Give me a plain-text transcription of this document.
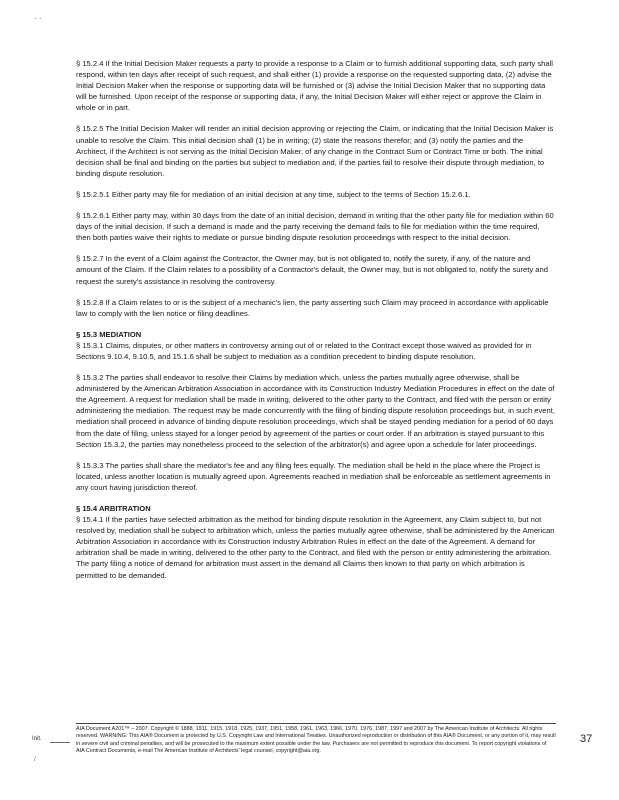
· ·

§ 15.2.4 If the Initial Decision Maker requests a party to provide a response to a Claim or to furnish additional supporting data, such party shall respond, within ten days after receipt of such request, and shall either (1) provide a response on the requested supporting data, (2) advise the Initial Decision Maker when the response or supporting data will be furnished or (3) advise the Initial Decision Maker that no supporting data will be furnished. Upon receipt of the response or supporting data, if any, the Initial Decision Maker will either reject or approve the Claim in whole or in part.

§ 15.2.5 The Initial Decision Maker will render an initial decision approving or rejecting the Claim, or indicating that the Initial Decision Maker is unable to resolve the Claim. This initial decision shall (1) be in writing; (2) state the reasons therefor; and (3) notify the parties and the Architect, if the Architect is not serving as the Initial Decision Maker, of any change in the Contract Sum or Contract Time or both. The initial decision shall be final and binding on the parties but subject to mediation and, if the parties fail to resolve their dispute through mediation, to binding dispute resolution.

§ 15.2.5.1 Either party may file for mediation of an initial decision at any time, subject to the terms of Section 15.2.6.1.

§ 15.2.6.1 Either party may, within 30 days from the date of an initial decision, demand in writing that the other party file for mediation within 60 days of the initial decision. If such a demand is made and the party receiving the demand fails to file for mediation within the time required, then both parties waive their rights to mediate or pursue binding dispute resolution proceedings with respect to the initial decision.

§ 15.2.7 In the event of a Claim against the Contractor, the Owner may, but is not obligated to, notify the surety, if any, of the nature and amount of the Claim. If the Claim relates to a possibility of a Contractor's default, the Owner may, but is not obligated to, notify the surety and request the surety's assistance in resolving the controversy.

§ 15.2.8 If a Claim relates to or is the subject of a mechanic's lien, the party asserting such Claim may proceed in accordance with applicable law to comply with the lien notice or filing deadlines.

§ 15.3 MEDIATION

§ 15.3.1 Claims, disputes, or other matters in controversy arising out of or related to the Contract except those waived as provided for in Sections 9.10.4, 9.10.5, and 15.1.6 shall be subject to mediation as a condition precedent to binding dispute resolution.

§ 15.3.2 The parties shall endeavor to resolve their Claims by mediation which, unless the parties mutually agree otherwise, shall be administered by the American Arbitration Association in accordance with its Construction Industry Mediation Procedures in effect on the date of the Agreement. A request for mediation shall be made in writing, delivered to the other party to the Contract, and filed with the person or entity administering the mediation. The request may be made concurrently with the filing of binding dispute resolution proceedings but, in such event, mediation shall proceed in advance of binding dispute resolution proceedings, which shall be stayed pending mediation for a period of 60 days from the date of filing, unless stayed for a longer period by agreement of the parties or court order. If an arbitration is stayed pursuant to this Section 15.3.2, the parties may nonetheless proceed to the selection of the arbitrator(s) and agree upon a schedule for later proceedings.

§ 15.3.3 The parties shall share the mediator's fee and any filing fees equally. The mediation shall be held in the place where the Project is located, unless another location is mutually agreed upon. Agreements reached in mediation shall be enforceable as settlement agreements in any court having jurisdiction thereof.

§ 15.4 ARBITRATION

§ 15.4.1 If the parties have selected arbitration as the method for binding dispute resolution in the Agreement, any Claim subject to, but not resolved by, mediation shall be subject to arbitration which, unless the parties mutually agree otherwise, shall be administered by the American Arbitration Association in accordance with its Construction Industry Arbitration Rules in effect on the date of the Agreement. A demand for arbitration shall be made in writing, delivered to the other party to the Contract, and filed with the person or entity administering the arbitration. The party filing a notice of demand for arbitration must assert in the demand all Claims then known to that party on which arbitration is permitted to be demanded.

Init.
/
AIA Document A201™ – 2007. Copyright © 1888, 1911, 1915, 1918, 1925, 1937, 1951, 1958, 1961, 1963, 1966, 1970, 1976, 1987, 1997 and 2007 by The American Institute of Architects. All rights reserved. WARNING: This AIA® Document is protected by U.S. Copyright Law and International Treaties. Unauthorized reproduction or distribution of this AIA® Document, or any portion of it, may result in severe civil and criminal penalties, and will be prosecuted to the maximum extent possible under the law. Purchasers are not permitted to reproduce this document. To report copyright violations of AIA Contract Documents, e-mail The American Institute of Architects' legal counsel, copyright@aia.org.
37
